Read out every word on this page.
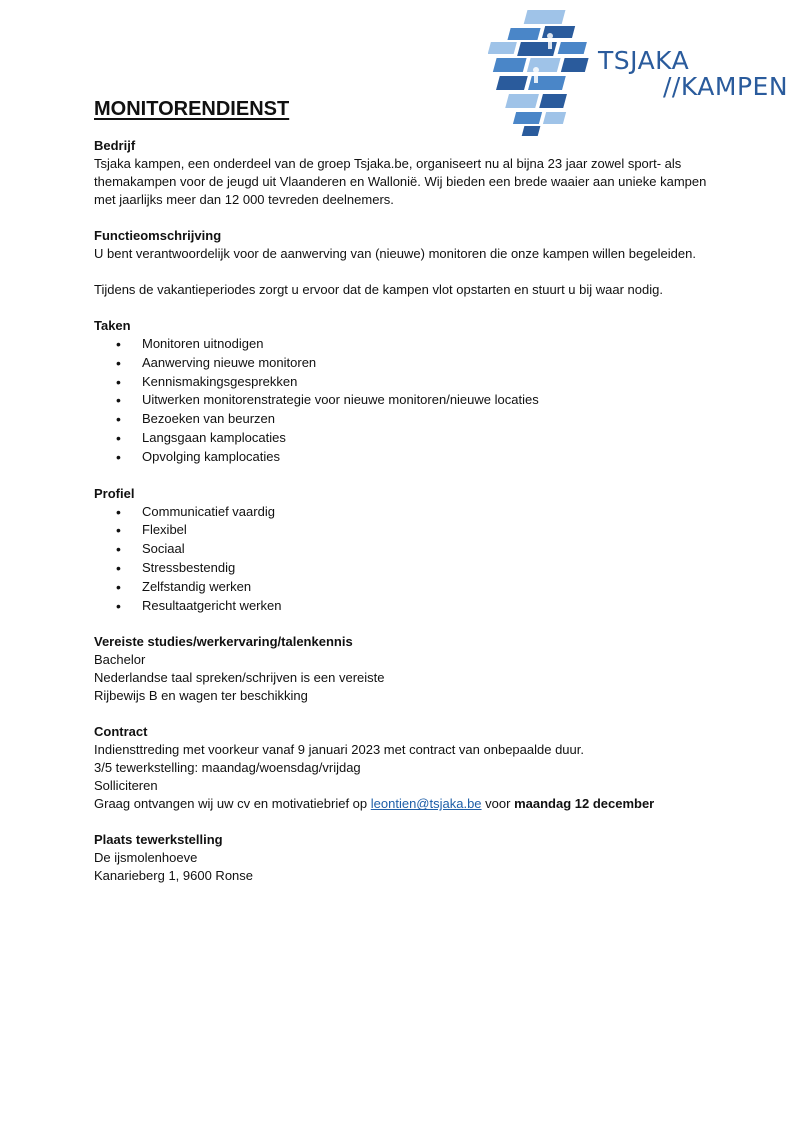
TSJAKA
//KAMPEN
MONITORENDIENST
Bedrijf

Tsjaka kampen, een onderdeel van de groep Tsjaka.be, organiseert nu al bijna 23 jaar zowel sport- als themakampen voor de jeugd uit Vlaanderen en Wallonië. Wij bieden een brede waaier aan unieke kampen met jaarlijks meer dan 12 000 tevreden deelnemers.

Functieomschrijving

U bent verantwoordelijk voor de aanwerving van (nieuwe) monitoren die onze kampen willen begeleiden.

Tijdens de vakantieperiodes zorgt u ervoor dat de kampen vlot opstarten en stuurt u bij waar nodig.

Taken
• Monitoren uitnodigen
• Aanwerving nieuwe monitoren
• Kennismakingsgesprekken
• Uitwerken monitorenstrategie voor nieuwe monitoren/nieuwe locaties
• Bezoeken van beurzen
• Langsgaan kamplocaties
• Opvolging kamplocaties
Profiel
• Communicatief vaardig
• Flexibel
• Sociaal
• Stressbestendig
• Zelfstandig werken
• Resultaatgericht werken
Vereiste studies/werkervaring/talenkennis

Bachelor

Nederlandse taal spreken/schrijven is een vereiste

Rijbewijs B en wagen ter beschikking

Contract

Indiensttreding met voorkeur vanaf 9 januari 2023 met contract van onbepaalde duur.

3/5 tewerkstelling: maandag/woensdag/vrijdag

Solliciteren

Graag ontvangen wij uw cv en motivatiebrief op leontien@tsjaka.be voor maandag 12 december

Plaats tewerkstelling

De ijsmolenhoeve

Kanarieberg 1, 9600 Ronse
